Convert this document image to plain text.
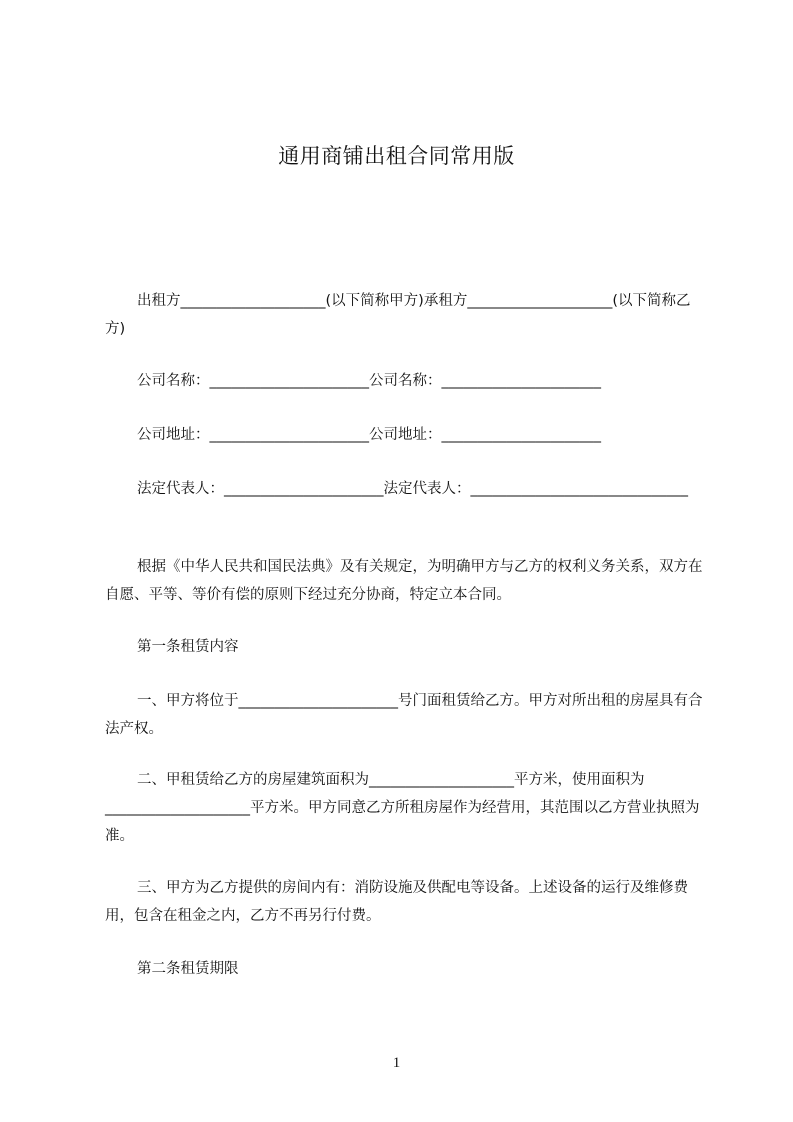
通用商铺出租合同常用版
出租方____________________(以下简称甲方)承租方____________________(以下简称乙方)
公司名称：______________________公司名称：______________________
公司地址：______________________公司地址：______________________
法定代表人：______________________法定代表人：______________________________
根据《中华人民共和国民法典》及有关规定，为明确甲方与乙方的权利义务关系，双方在自愿、平等、等价有偿的原则下经过充分协商，特定立本合同。
第一条租赁内容
一、甲方将位于______________________号门面租赁给乙方。甲方对所出租的房屋具有合法产权。
二、甲租赁给乙方的房屋建筑面积为____________________平方米，使用面积为____________________平方米。甲方同意乙方所租房屋作为经营用，其范围以乙方营业执照为准。
三、甲方为乙方提供的房间内有：消防设施及供配电等设备。上述设备的运行及维修费用，包含在租金之内，乙方不再另行付费。
第二条租赁期限
1
